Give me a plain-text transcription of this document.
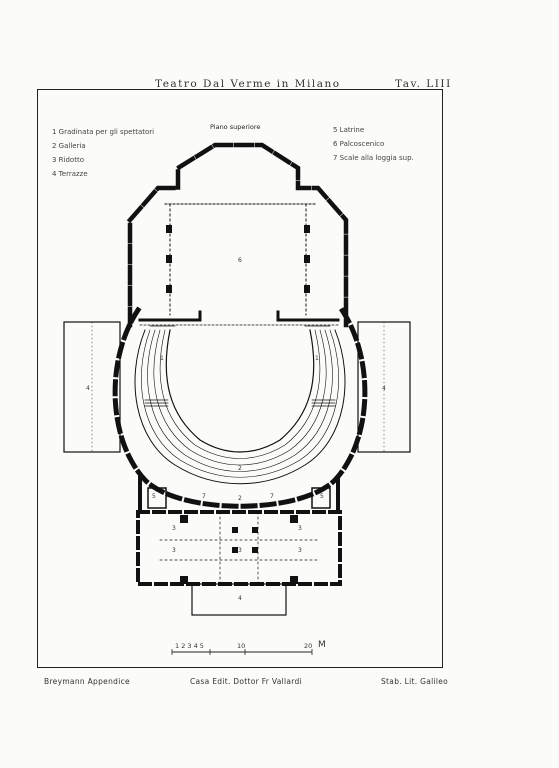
Teatro Dal Verme in Milano	Tav. LIII
Piano superiore
1 Gradinata per gli spettatori
2 Galleria
3 Ridotto
4 Terrazze
5 Latrine
6 Palcoscenico
7 Scale alla loggia sup.
1	1
4	4
2
2
7	7
5	5
3
3	3
3
3
4
6
1 2 3 4 5	10	20 M
Breymann Appendice	Casa Edit. Dottor Fr Vallardi	Stab. Lit. Galileo
